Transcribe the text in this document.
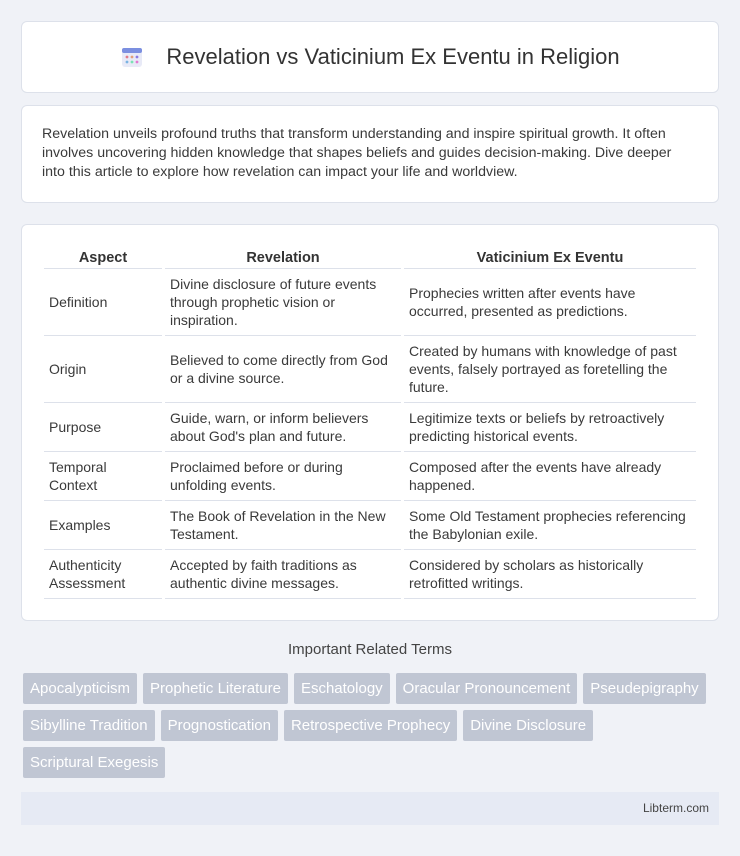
Revelation vs Vaticinium Ex Eventu in Religion

Revelation unveils profound truths that transform understanding and inspire spiritual growth. It often involves uncovering hidden knowledge that shapes beliefs and guides decision-making. Dive deeper into this article to explore how revelation can impact your life and worldview.

Aspect	Revelation	Vaticinium Ex Eventu
Definition	Divine disclosure of future events through prophetic vision or inspiration.	Prophecies written after events have occurred, presented as predictions.
Origin	Believed to come directly from God or a divine source.	Created by humans with knowledge of past events, falsely portrayed as foretelling the future.
Purpose	Guide, warn, or inform believers about God's plan and future.	Legitimize texts or beliefs by retroactively predicting historical events.
Temporal Context	Proclaimed before or during unfolding events.	Composed after the events have already happened.
Examples	The Book of Revelation in the New Testament.	Some Old Testament prophecies referencing the Babylonian exile.
Authenticity Assessment	Accepted by faith traditions as authentic divine messages.	Considered by scholars as historically retrofitted writings.
Important Related Terms
Apocalypticism	Prophetic Literature	Eschatology	Oracular Pronouncement	Pseudepigraphy
Sibylline Tradition	Prognostication	Retrospective Prophecy	Divine Disclosure
Scriptural Exegesis
Libterm.com
